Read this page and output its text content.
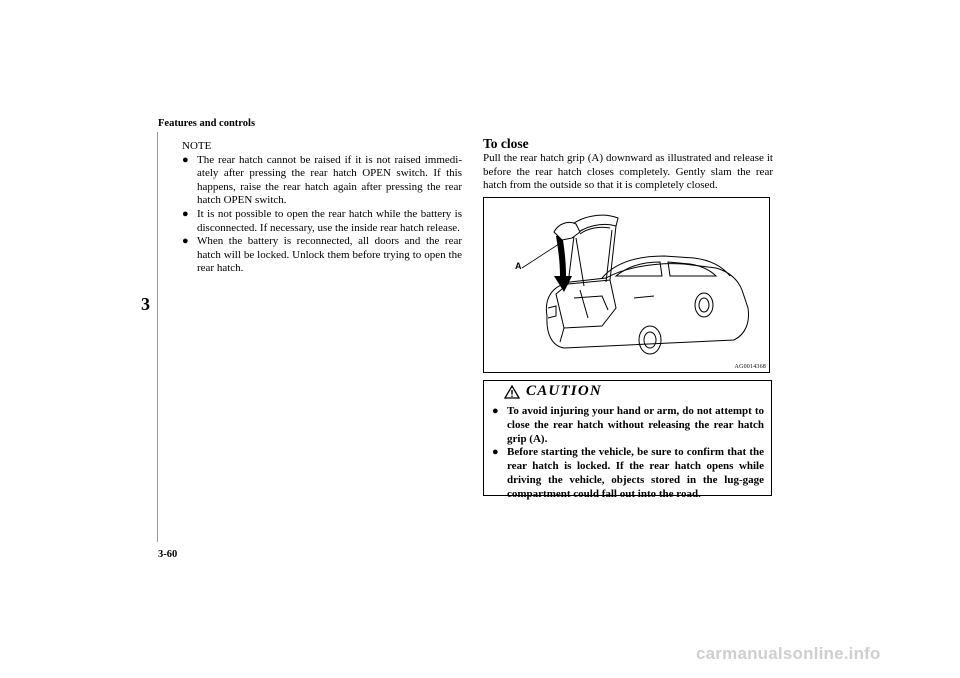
3
Features and controls

NOTE

● The rear hatch cannot be raised if it is not raised immedi-ately after pressing the rear hatch OPEN switch. If this happens, raise the rear hatch again after pressing the rear hatch OPEN switch.
● It is not possible to open the rear hatch while the battery is disconnected. If necessary, use the inside rear hatch release.
● When the battery is reconnected, all doors and the rear hatch will be locked. Unlock them before trying to open the rear hatch.
To close
Pull the rear hatch grip (A) downward as illustrated and release it before the rear hatch closes completely. Gently slam the rear hatch from the outside so that it is completely closed.
A
AG0014368
CAUTION
● To avoid injuring your hand or arm, do not attempt to close the rear hatch without releasing the rear hatch grip (A).
● Before starting the vehicle, be sure to confirm that the rear hatch is locked. If the rear hatch opens while driving the vehicle, objects stored in the lug-gage compartment could fall out into the road.
3-60
carmanualsonline.info
